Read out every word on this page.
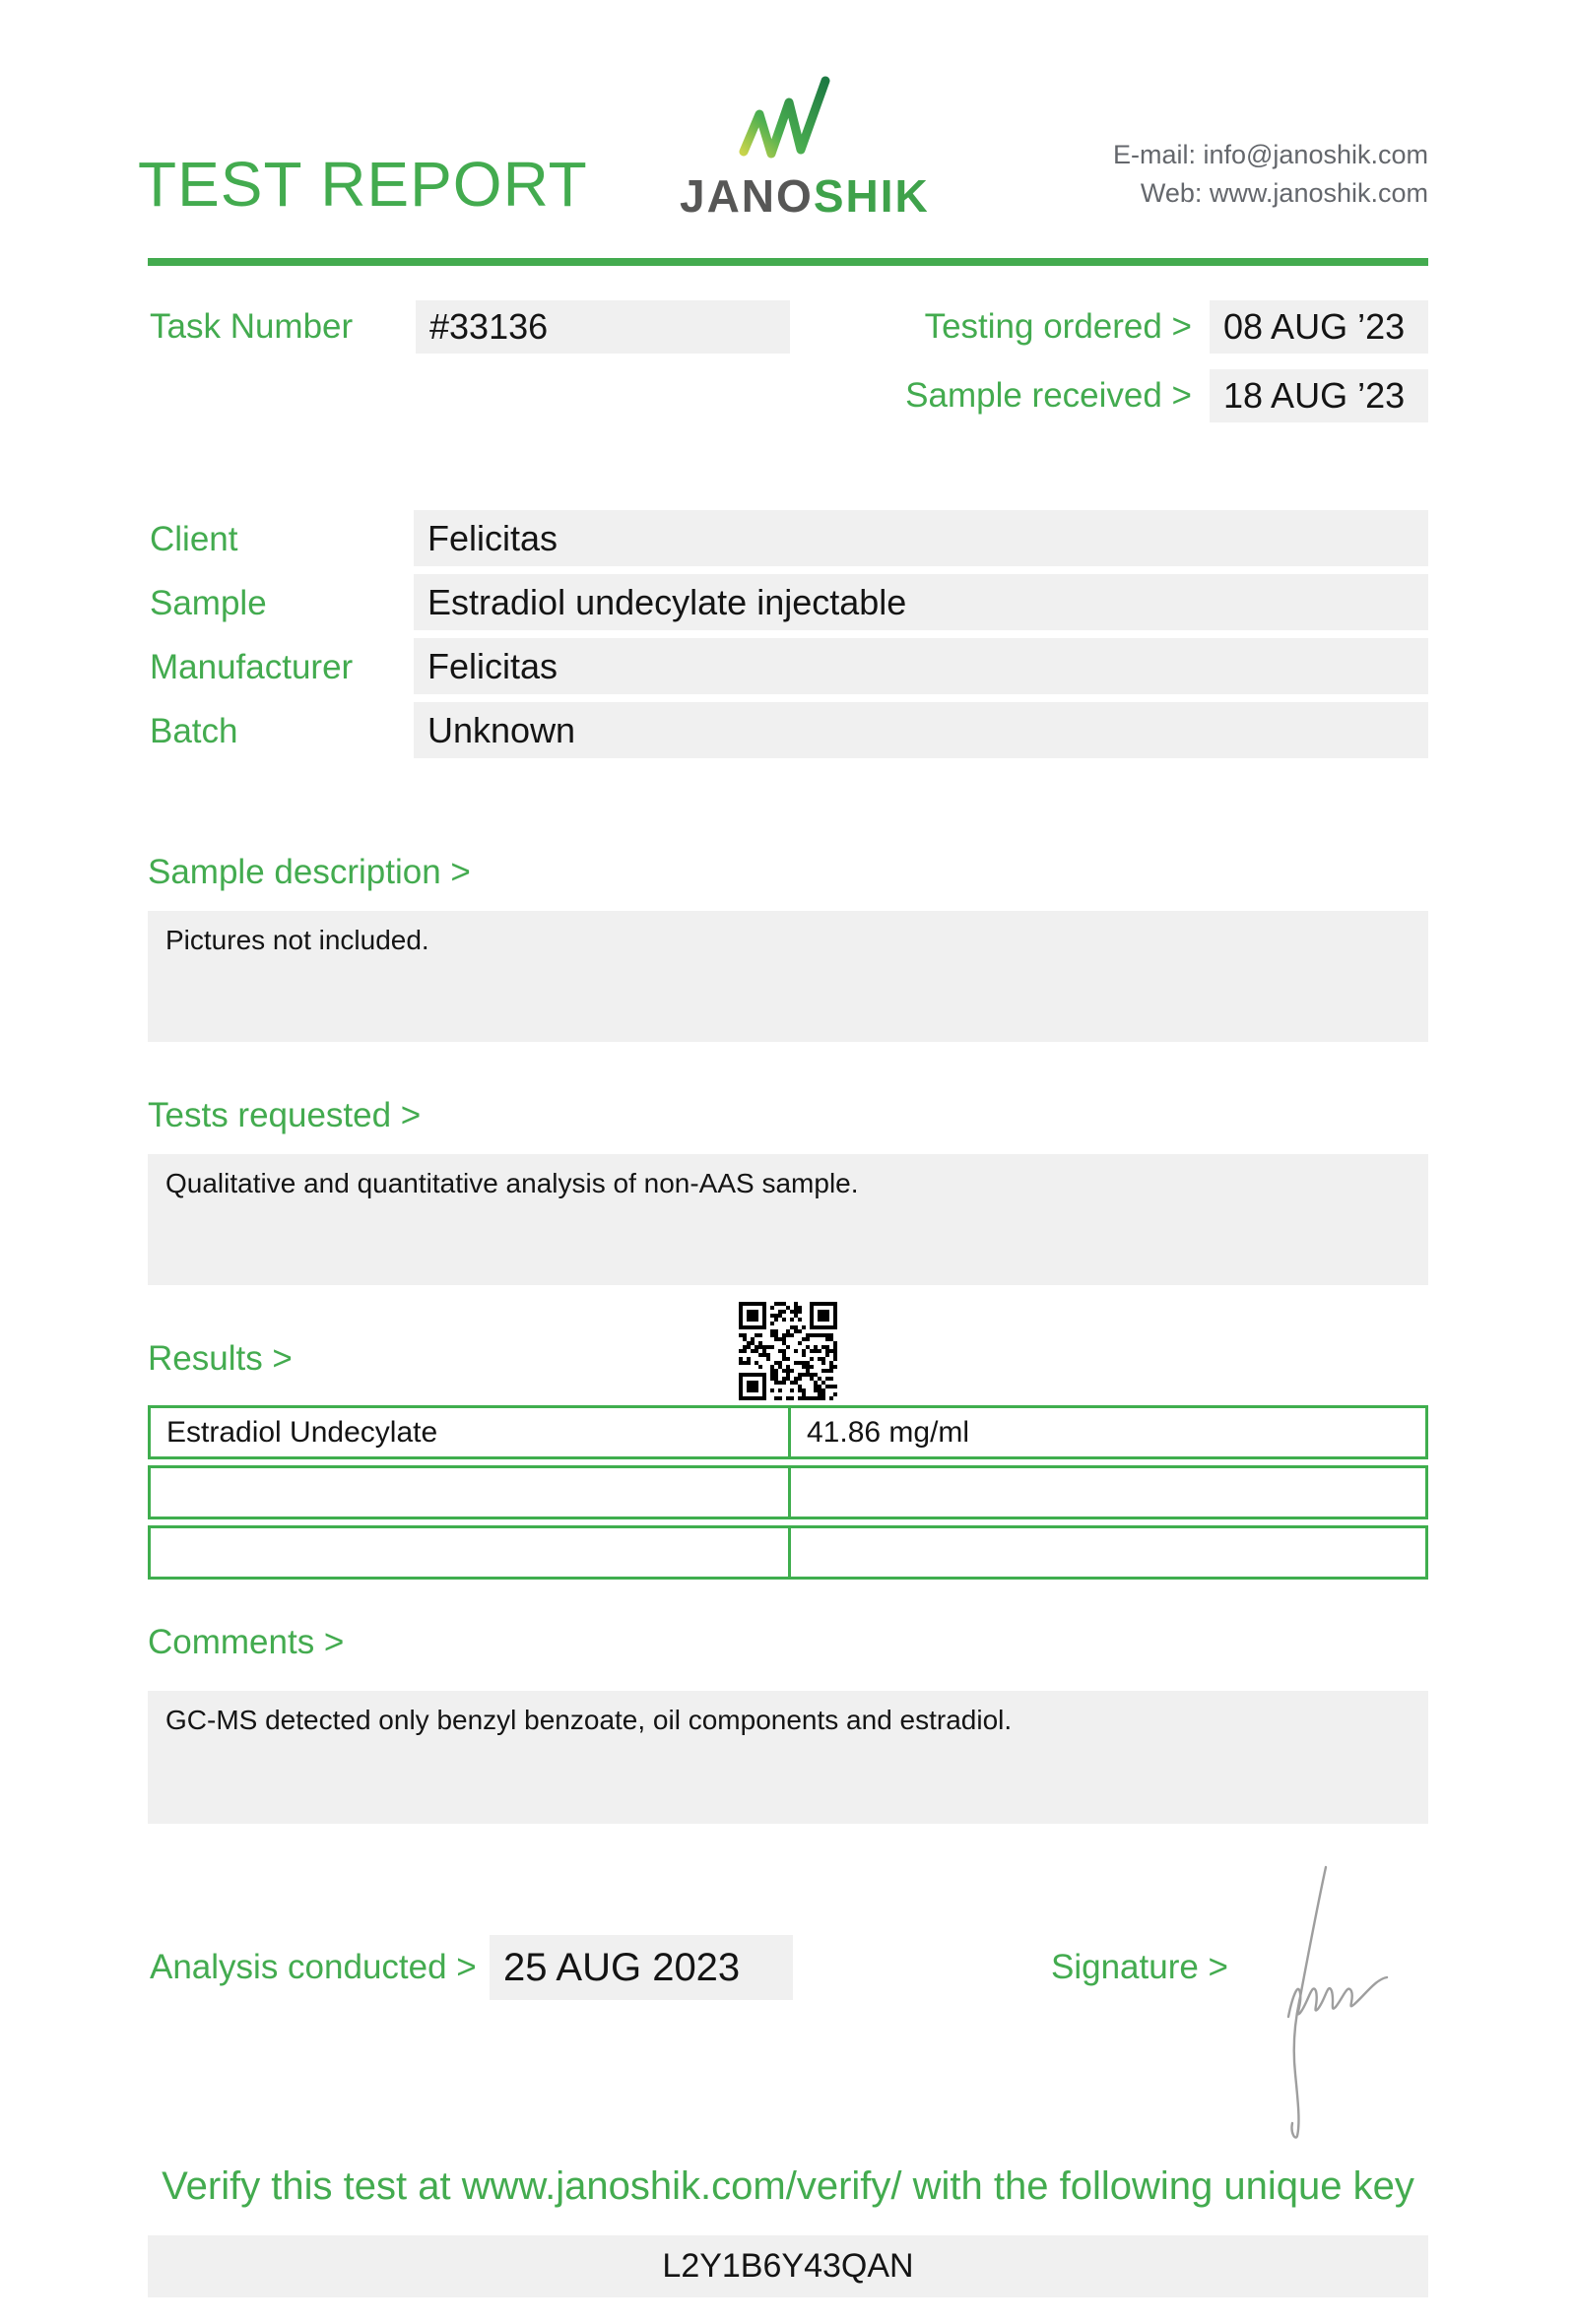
JANOSHIK
TEST REPORT	E-mail: info@janoshik.com
Web: www.janoshik.com
Task Number #33136	Testing ordered > 08 AUG ’23
Sample received > 18 AUG ’23
Client	Felicitas
Sample	Estradiol undecylate injectable
Manufacturer Felicitas
Batch	Unknown
Sample description >
Pictures not included.
Tests requested >
Qualitative and quantitative analysis of non-AAS sample.
Results >
Estradiol Undecylate	41.86 mg/ml
Comments >
GC-MS detected only benzyl benzoate, oil components and estradiol.
Analysis conducted > 25 AUG 2023	Signature >
Verify this test at www.janoshik.com/verify/ with the following unique key
L2Y1B6Y43QAN
